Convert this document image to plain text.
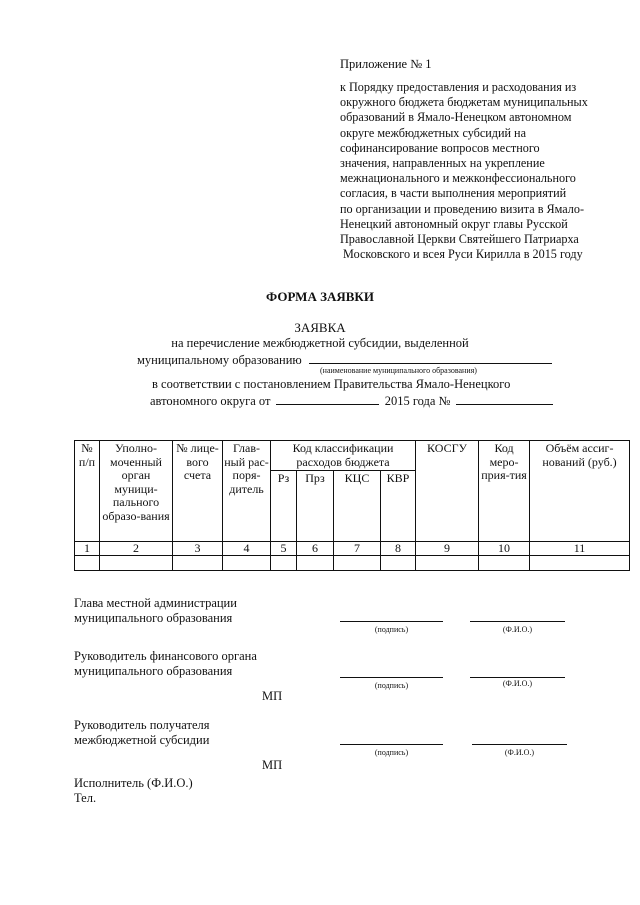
Приложение № 1
к Порядку предоставления и расходования из
окружного бюджета бюджетам муниципальных
образований в Ямало-Ненецком автономном
округе межбюджетных субсидий на
софинансирование вопросов местного
значения, направленных на укрепление
межнационального и межконфессионального
согласия, в части выполнения мероприятий
по организации и проведению визита в Ямало-
Ненецкий автономный округ главы Русской
Православной Церкви Святейшего Патриарха
Московского и всея Руси Кирилла в 2015 году
ФОРМА ЗАЯВКИ
ЗАЯВКА
на перечисление межбюджетной субсидии, выделенной
муниципальному образованию
(наименование муниципального образования)
в соответствии с постановлением Правительства Ямало-Ненецкого
автономного округа от	2015 года №
№ п/п	Уполно-моченный орган муници-пального образо-вания	№ лице-вого счета	Глав-ный рас-поря-дитель	Код классификации расходов бюджета				КОСГУ	Код меро-прия-тия	Объём ассиг-нований (руб.)
				Рз	Прз	КЦС	КВР			
1	2	3	4	5	6	7	8	9	10	11

Глава местной администрации
муниципального образования
(подпись)	(Ф.И.О.)
Руководитель финансового органа
муниципального образования
(подпись)	(Ф.И.О.)
МП
Руководитель получателя
межбюджетной субсидии
(подпись)	(Ф.И.О.)
МП
Исполнитель (Ф.И.О.)
Тел.
